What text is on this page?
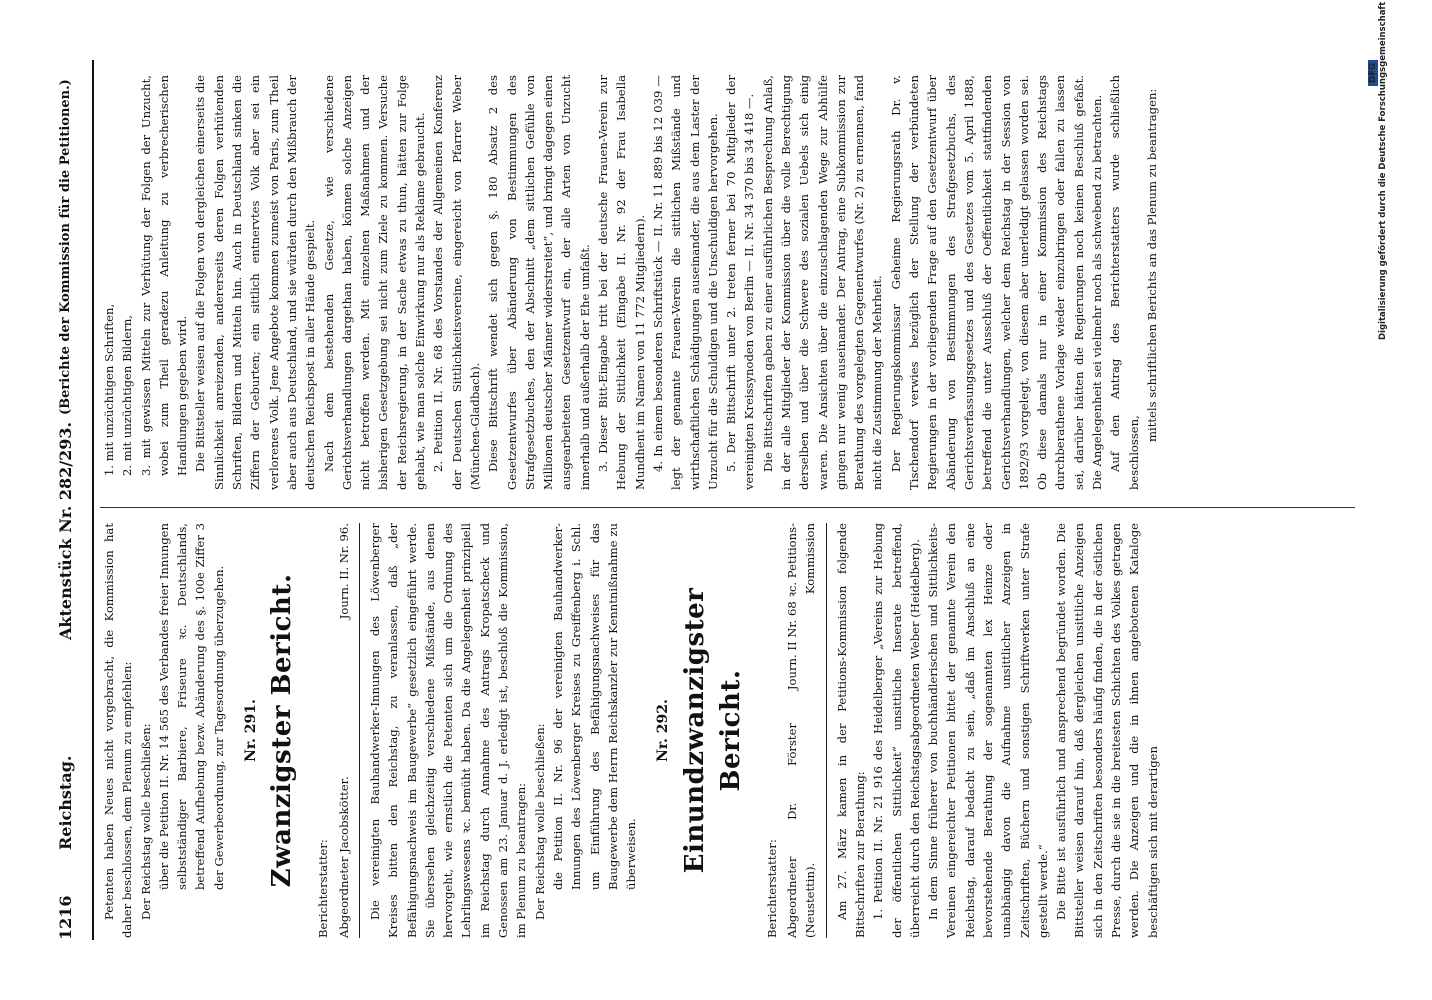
1216
Reichstag.
Aktenstück Nr. 282/293.
(Berichte der Kommission für die Petitionen.)

Petenten haben Neues nicht vorgebracht, die Kommission hat daher beschlossen, dem Plenum zu empfehlen: Der Reichstag wolle beschließen: über die Petition II. Nr. 14 565 des Verbandes freier Innungen selbstständiger Barbiere, Friseure ꝛc. Deutschlands, betreffend Aufhebung bezw. Abänderung des §. 100e Ziffer 3 der Gewerbeordnung, zur Tagesordnung überzugehen. Nr. 291. Zwanzigster Bericht.

Berichterstatter: Abgeordneter Jacobskötter.
Journ. II. Nr. 96. Die vereinigten Bauhandwerker-Innungen des Löwenberger Kreises bitten den Reichstag, zu veranlassen, daß „der Befähigungsnachweis im Baugewerbe“ gesetzlich eingeführt werde. Sie übersehen gleichzeitig verschiedene Mißstände, aus denen hervorgeht, wie ernstlich die Petenten sich um die Ordnung des Lehrlingswesens ꝛc. bemüht haben. Da die Angelegenheit prinzipiell im Reichstag durch Annahme des Antrags Kropatscheck und Genossen am 23. Januar d. J. erledigt ist, beschloß die Kommission, im Plenum zu beantragen: Der Reichstag wolle beschließen: die Petition II. Nr. 96 der vereinigten Bauhandwerker-Innungen des Löwenberger Kreises zu Greiffenberg i. Schl. um Einführung des Befähigungsnachweises für das Baugewerbe dem Herrn Reichskanzler zur Kenntnißnahme zu überweisen.

Nr. 292. Einundzwanzigster Bericht.

Berichterstatter: Abgeordneter Dr. Förster (Neustettin).
Journ. II Nr. 68 ꝛc. Petitions-Kommission Am 27. März kamen in der Petitions-Kommission folgende Bittschriften zur Berathung: 1. Petition II. Nr. 21 916 des Heidelberger „Vereins zur Hebung der öffentlichen Sittlichkeit“ unsittliche Inserate betreffend, überreicht durch den Reichstagsabgeordneten Weber (Heidelberg). In dem Sinne früherer von buchhändlerischen und Sittlichkeits-Vereinen eingereichter Petitionen bittet der genannte Verein den Reichstag, darauf bedacht zu sein, „daß im Anschluß an eine bevorstehende Berathung der sogenannten lex Heinze oder unabhängig davon die Aufnahme unsittlicher Anzeigen in Zeitschriften, Büchern und sonstigen Schriftwerken unter Strafe gestellt werde.“ Die Bitte ist ausführlich und ansprechend begründet worden. Die Bittsteller weisen darauf hin, daß dergleichen unsittliche Anzeigen sich in den Zeitschriften besonders häufig finden, die in der östlichen Presse, durch die sie in die breitesten Schichten des Volkes getragen werden. Die Anzeigen und die in ihnen angebotenen Kataloge beschäftigen sich mit derartigen

1. mit unzüchtigen Schriften, 2. mit unzüchtigen Bildern, 3. mit gewissen Mitteln zur Verhütung der Folgen der Unzucht, wobei zum Theil geradezu Anleitung zu verbrecherischen Handlungen gegeben wird. Die Bittsteller weisen auf die Folgen von dergleichen einerseits die Sinnlichkeit anreizenden, andererseits deren Folgen verhütenden Schriften, Bildern und Mitteln hin. Auch in Deutschland sinken die Ziffern der Geburten; ein sittlich entnervtes Volk aber sei ein verlorenes Volk. Jene Angebote kommen zumeist von Paris, zum Theil aber auch aus Deutschland, und sie würden durch den Mißbrauch der deutschen Reichspost in aller Hände gespielt. Nach dem bestehenden Gesetze, wie verschiedene Gerichtsverhandlungen dargethan haben, können solche Anzeigen nicht betroffen werden. Mit einzelnen Maßnahmen und der bisherigen Gesetzgebung sei nicht zum Ziele zu kommen. Versuche der Reichsregierung, in der Sache etwas zu thun, hätten zur Folge gehabt, wie man solche Einwirkung nur als Reklame gebraucht. 2. Petition II. Nr. 68 des Vorstandes der Allgemeinen Konferenz der Deutschen Sittlichkeitsvereine, eingereicht von Pfarrer Weber (München-Gladbach). Diese Bittschrift wendet sich gegen §. 180 Absatz 2 des Gesetzentwurfes über Abänderung von Bestimmungen des Strafgesetzbuches, den der Abschnitt „dem sittlichen Gefühle von Millionen deutscher Männer widerstreitet“, und bringt dagegen einen ausgearbeiteten Gesetzentwurf ein, der alle Arten von Unzucht innerhalb und außerhalb der Ehe umfaßt. 3. Dieser Bitt-Eingabe tritt bei der deutsche Frauen-Verein zur Hebung der Sittlichkeit (Eingabe II. Nr. 92 der Frau Isabella Mundhent im Namen von 11 772 Mitgliedern). 4. In einem besonderen Schriftstück — II. Nr. 11 889 bis 12 039 — legt der genannte Frauen-Verein die sittlichen Mißstände und wirthschaftlichen Schädigungen auseinander, die aus dem Laster der Unzucht für die Schuldigen und die Unschuldigen hervorgehen. 5. Der Bittschrift unter 2. treten ferner bei 70 Mitglieder der vereinigten Kreissynoden von Berlin — II. Nr. 34 370 bis 34 418 —. Die Bittschriften gaben zu einer ausführlichen Besprechung Anlaß, in der alle Mitglieder der Kommission über die volle Berechtigung derselben und über die Schwere des sozialen Uebels sich einig waren. Die Ansichten über die einzuschlagenden Wege zur Abhülfe gingen nur wenig auseinander. Der Antrag, eine Subkommission zur Berathung des vorgelegten Gegenentwurfes (Nr. 2) zu ernennen, fand nicht die Zustimmung der Mehrheit. Der Regierungskommissar Geheime Regierungsrath Dr. v. Tischendorf verwies bezüglich der Stellung der verbündeten Regierungen in der vorliegenden Frage auf den Gesetzentwurf über Abänderung von Bestimmungen des Strafgesetzbuchs, des Gerichtsverfassungsgesetzes und des Gesetzes vom 5. April 1888, betreffend die unter Ausschluß der Oeffentlichkeit stattfindenden Gerichtsverhandlungen, welcher dem Reichstag in der Session von 1892/93 vorgelegt, von diesem aber unerledigt gelassen worden sei. Ob diese damals nur in einer Kommission des Reichstags durchberathene Vorlage wieder einzubringen oder fallen zu lassen sei, darüber hätten die Regierungen noch keinen Beschluß gefaßt. Die Angelegenheit sei vielmehr noch als schwebend zu betrachten. Auf den Antrag des Berichterstatters wurde schließlich beschlossen,

mittels schriftlichen Berichts an das Plenum zu beantragen:	Digitalisierung gefördert durch die Deutsche Forschungsgemeinschaft
DFG
